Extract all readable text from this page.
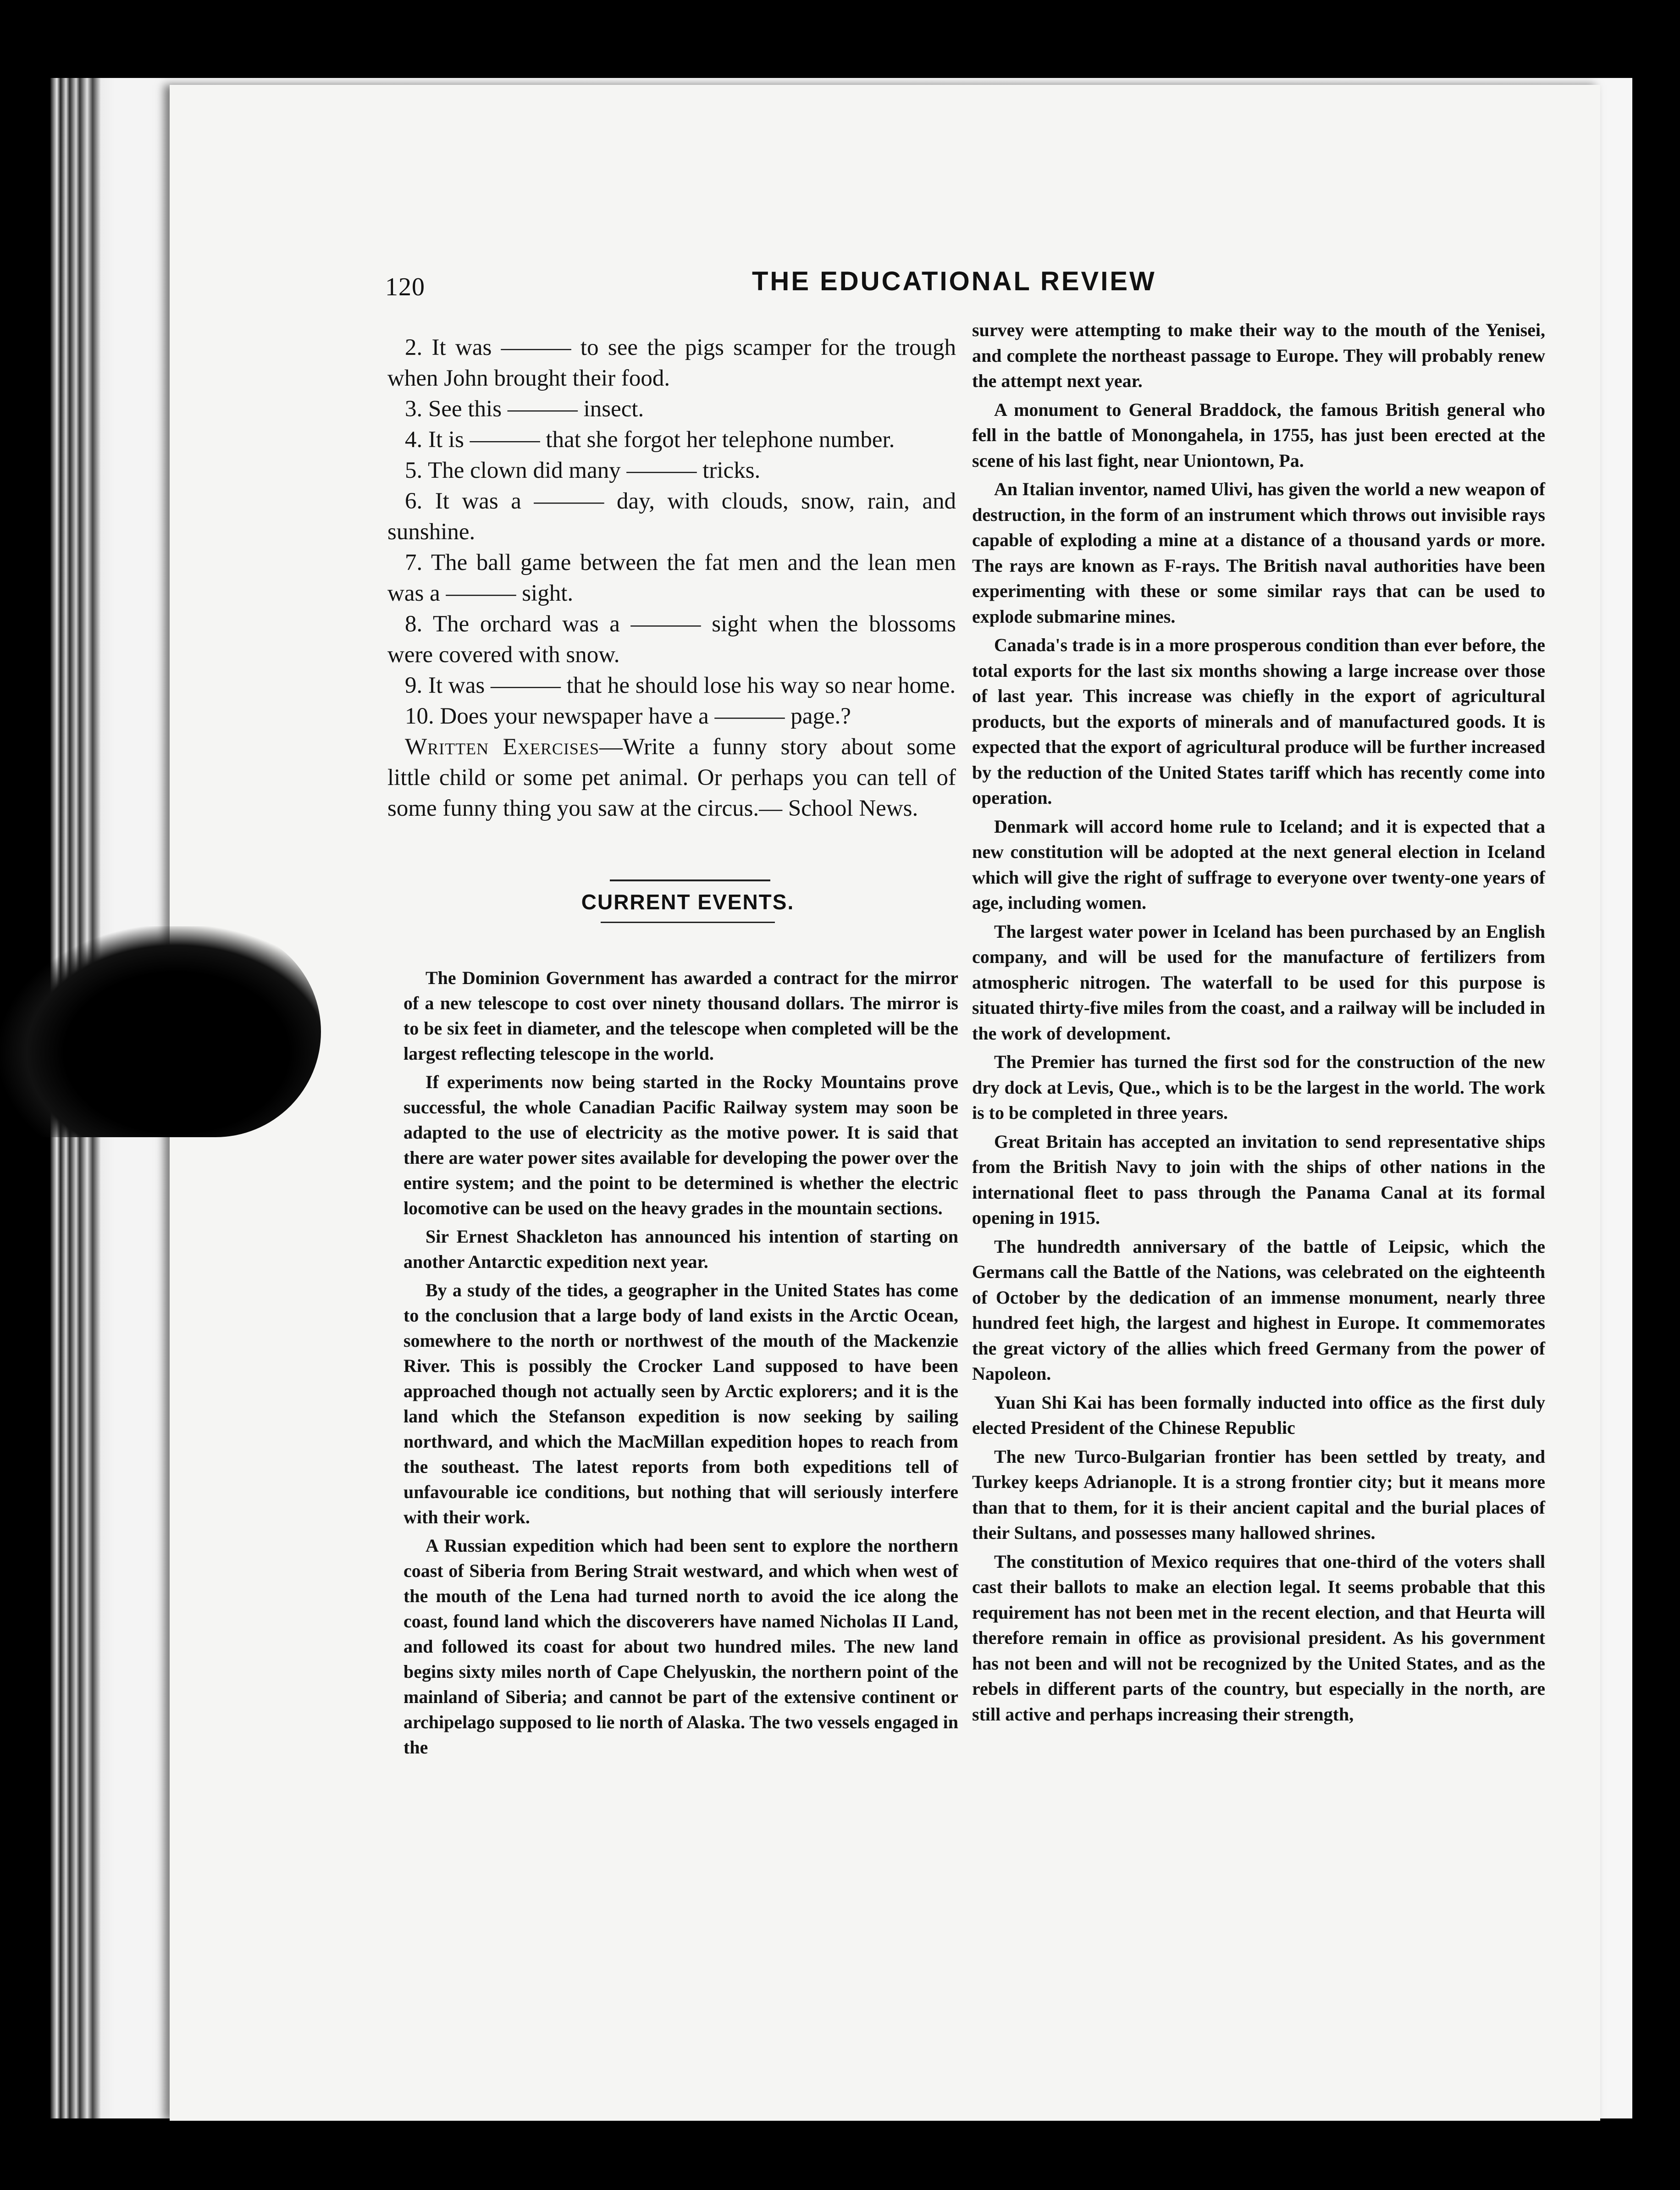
120	THE EDUCATIONAL REVIEW

2. It was ——— to see the pigs scamper for the trough when John brought their food.

3. See this ——— insect.

4. It is ——— that she forgot her telephone number.

5. The clown did many ——— tricks.

6. It was a ——— day, with clouds, snow, rain, and sunshine.

7. The ball game between the fat men and the lean men was a ——— sight.

8. The orchard was a ——— sight when the blossoms were covered with snow.

9. It was ——— that he should lose his way so near home.

10. Does your newspaper have a ——— page.?

Written Exercises—Write a funny story about some little child or some pet animal. Or perhaps you can tell of some funny thing you saw at the circus.— School News.

CURRENT EVENTS.

The Dominion Government has awarded a contract for the mirror of a new telescope to cost over ninety thousand dollars. The mirror is to be six feet in diameter, and the telescope when completed will be the largest reflecting telescope in the world.

If experiments now being started in the Rocky Mountains prove successful, the whole Canadian Pacific Railway system may soon be adapted to the use of electricity as the motive power. It is said that there are water power sites available for developing the power over the entire system; and the point to be determined is whether the electric locomotive can be used on the heavy grades in the mountain sections.

Sir Ernest Shackleton has announced his intention of starting on another Antarctic expedition next year.

By a study of the tides, a geographer in the United States has come to the conclusion that a large body of land exists in the Arctic Ocean, somewhere to the north or northwest of the mouth of the Mackenzie River. This is possibly the Crocker Land supposed to have been approached though not actually seen by Arctic explorers; and it is the land which the Stefanson expedition is now seeking by sailing northward, and which the MacMillan expedition hopes to reach from the southeast. The latest reports from both expeditions tell of unfavourable ice conditions, but nothing that will seriously interfere with their work.

A Russian expedition which had been sent to explore the northern coast of Siberia from Bering Strait westward, and which when west of the mouth of the Lena had turned north to avoid the ice along the coast, found land which the discoverers have named Nicholas II Land, and followed its coast for about two hundred miles. The new land begins sixty miles north of Cape Chelyuskin, the northern point of the mainland of Siberia; and cannot be part of the extensive continent or archipelago supposed to lie north of Alaska. The two vessels engaged in the

survey were attempting to make their way to the mouth of the Yenisei, and complete the northeast passage to Europe. They will probably renew the attempt next year.

A monument to General Braddock, the famous British general who fell in the battle of Monongahela, in 1755, has just been erected at the scene of his last fight, near Uniontown, Pa.

An Italian inventor, named Ulivi, has given the world a new weapon of destruction, in the form of an instrument which throws out invisible rays capable of exploding a mine at a distance of a thousand yards or more. The rays are known as F-rays. The British naval authorities have been experimenting with these or some similar rays that can be used to explode submarine mines.

Canada's trade is in a more prosperous condition than ever before, the total exports for the last six months showing a large increase over those of last year. This increase was chiefly in the export of agricultural products, but the exports of minerals and of manufactured goods. It is expected that the export of agricultural produce will be further increased by the reduction of the United States tariff which has recently come into operation.

Denmark will accord home rule to Iceland; and it is expected that a new constitution will be adopted at the next general election in Iceland which will give the right of suffrage to everyone over twenty-one years of age, including women.

The largest water power in Iceland has been purchased by an English company, and will be used for the manufacture of fertilizers from atmospheric nitrogen. The waterfall to be used for this purpose is situated thirty-five miles from the coast, and a railway will be included in the work of development.

The Premier has turned the first sod for the construction of the new dry dock at Levis, Que., which is to be the largest in the world. The work is to be completed in three years.

Great Britain has accepted an invitation to send representative ships from the British Navy to join with the ships of other nations in the international fleet to pass through the Panama Canal at its formal opening in 1915.

The hundredth anniversary of the battle of Leipsic, which the Germans call the Battle of the Nations, was celebrated on the eighteenth of October by the dedication of an immense monument, nearly three hundred feet high, the largest and highest in Europe. It commemorates the great victory of the allies which freed Germany from the power of Napoleon.

Yuan Shi Kai has been formally inducted into office as the first duly elected President of the Chinese Republic

The new Turco-Bulgarian frontier has been settled by treaty, and Turkey keeps Adrianople. It is a strong frontier city; but it means more than that to them, for it is their ancient capital and the burial places of their Sultans, and possesses many hallowed shrines.

The constitution of Mexico requires that one-third of the voters shall cast their ballots to make an election legal. It seems probable that this requirement has not been met in the recent election, and that Heurta will therefore remain in office as provisional president. As his government has not been and will not be recognized by the United States, and as the rebels in different parts of the country, but especially in the north, are still active and perhaps increasing their strength,
